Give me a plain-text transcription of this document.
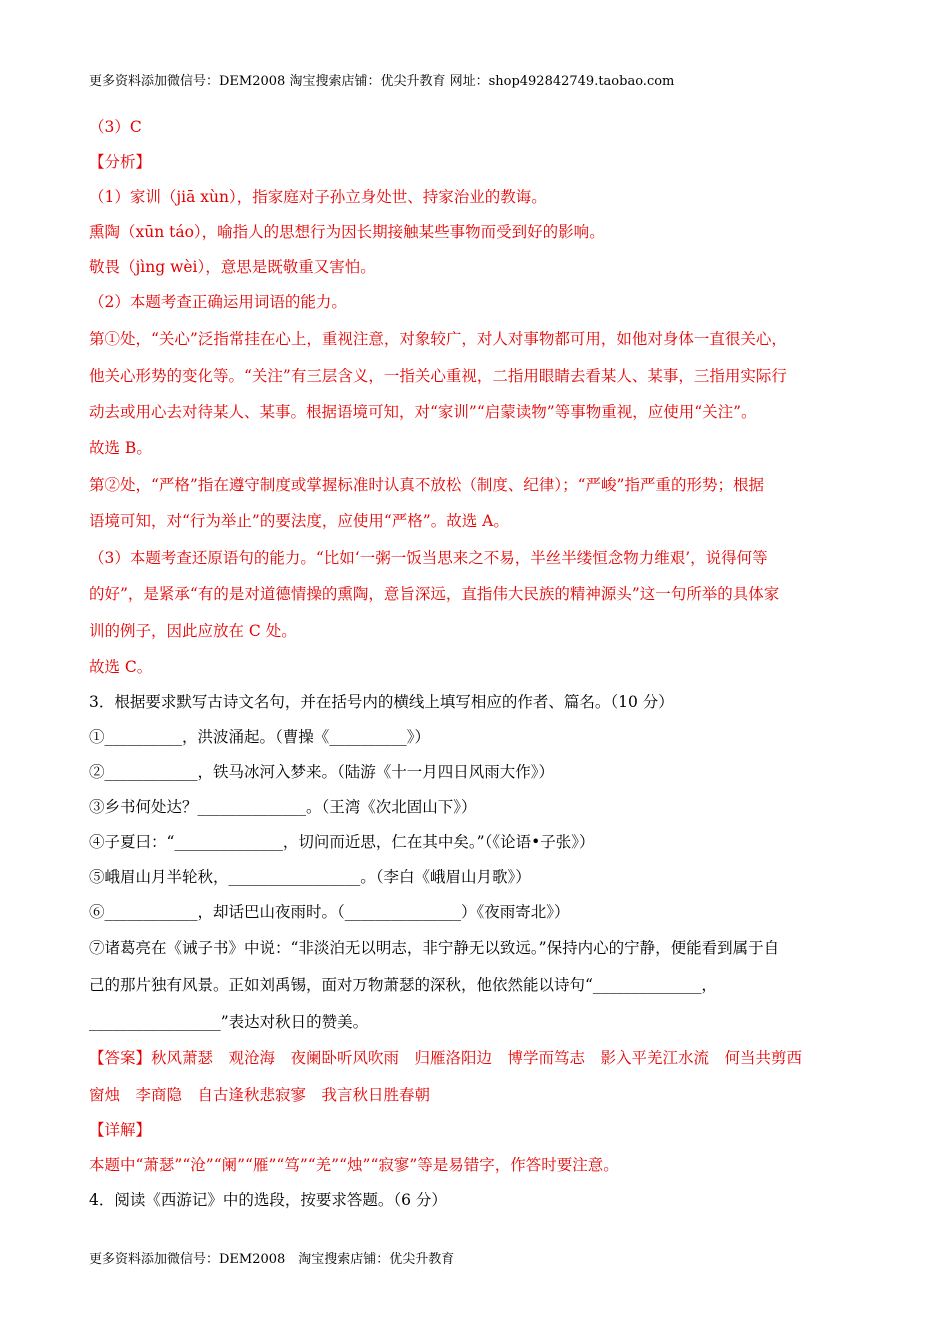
更多资料添加微信号：DEM2008 淘宝搜索店铺：优尖升教育 网址：shop492842749.taobao.com
（3）C
【分析】
（1）家训（jiā xùn），指家庭对子孙立身处世、持家治业的教诲。
熏陶（xūn táo），喻指人的思想行为因长期接触某些事物而受到好的影响。
敬畏（jìng wèi），意思是既敬重又害怕。
（2）本题考查正确运用词语的能力。
第①处，“关心”泛指常挂在心上，重视注意，对象较广，对人对事物都可用，如他对身体一直很关心，
他关心形势的变化等。“关注”有三层含义，一指关心重视，二指用眼睛去看某人、某事，三指用实际行
动去或用心去对待某人、某事。根据语境可知，对“家训”“启蒙读物”等事物重视，应使用“关注”。
故选 B。
第②处，“严格”指在遵守制度或掌握标准时认真不放松（制度、纪律）；“严峻”指严重的形势；根据
语境可知，对“行为举止”的要法度，应使用“严格”。故选 A。
（3）本题考查还原语句的能力。“比如‘一粥一饭当思来之不易，半丝半缕恒念物力维艰’，说得何等
的好”，是紧承“有的是对道德情操的熏陶，意旨深远，直指伟大民族的精神源头”这一句所举的具体家
训的例子，因此应放在 C 处。
故选 C。
3．根据要求默写古诗文名句，并在括号内的横线上填写相应的作者、篇名。（10 分）
①__________，洪波涌起。（曹操《__________》）
②____________，铁马冰河入梦来。（陆游《十一月四日风雨大作》）
③乡书何处达？______________。（王湾《次北固山下》）
④子夏曰：“______________，切问而近思，仁在其中矣。”（《论语•子张》）
⑤峨眉山月半轮秋，_________________。（李白《峨眉山月歌》）
⑥____________，却话巴山夜雨时。（_______________）《夜雨寄北》）
⑦诸葛亮在《诫子书》中说：“非淡泊无以明志，非宁静无以致远。”保持内心的宁静，便能看到属于自
己的那片独有风景。正如刘禹锡，面对万物萧瑟的深秋，他依然能以诗句“______________，
_________________”表达对秋日的赞美。
【答案】秋风萧瑟　观沧海　夜阑卧听风吹雨　归雁洛阳边　博学而笃志　影入平羌江水流　何当共剪西
窗烛　李商隐　自古逢秋悲寂寥　我言秋日胜春朝
【详解】
本题中“萧瑟”“沧”“阑”“雁”“笃”“羌”“烛”“寂寥”等是易错字，作答时要注意。
4．阅读《西游记》中的选段，按要求答题。（6 分）
更多资料添加微信号：DEM2008　淘宝搜索店铺：优尖升教育
